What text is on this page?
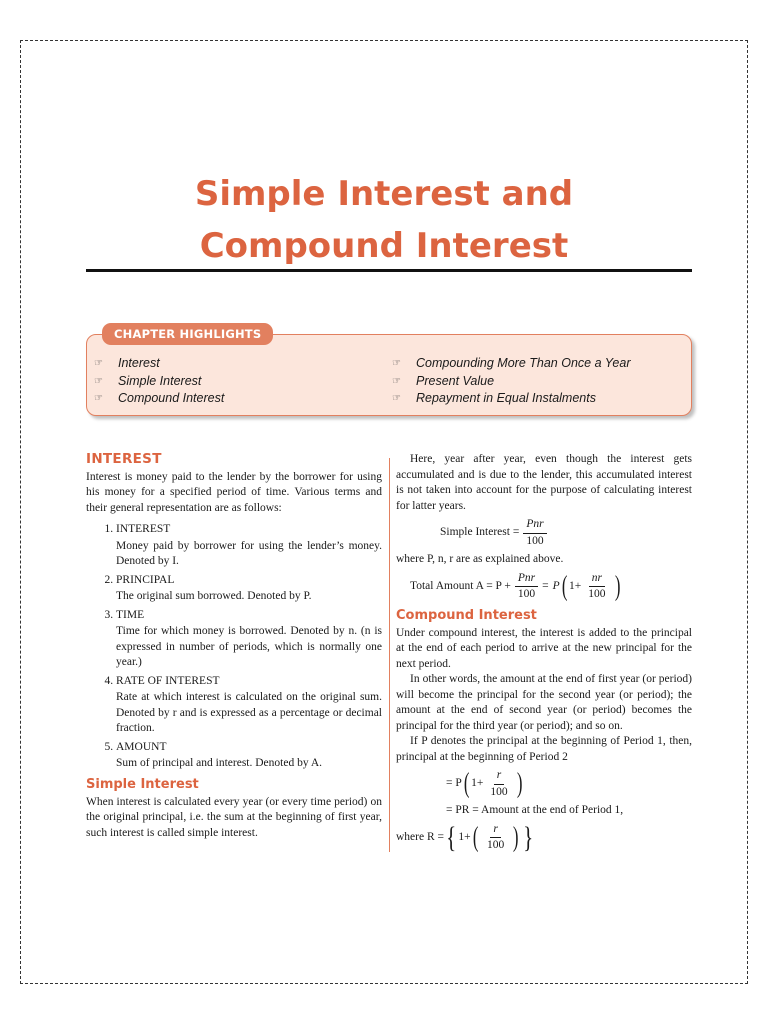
Simple Interest and
Compound Interest
CHAPTER HIGHLIGHTS
☞	Interest
☞	Simple Interest
☞	Compound Interest
☞	Compounding More Than Once a Year
☞	Present Value
☞	Repayment in Equal Instalments
INTEREST

Interest is money paid to the lender by the borrower for using his money for a specified period of time. Various terms and their general representation are as follows:

1. INTEREST
Money paid by borrower for using the lender’s money. Denoted by I.
2. PRINCIPAL
The original sum borrowed. Denoted by P.
3. TIME
Time for which money is borrowed. Denoted by n. (n is expressed in number of periods, which is normally one year.)
4. RATE OF INTEREST
Rate at which interest is calculated on the original sum. Denoted by r and is expressed as a percentage or decimal fraction.
5. AMOUNT
Sum of principal and interest. Denoted by A.
Simple Interest

When interest is calculated every year (or every time period) on the original principal, i.e. the sum at the beginning of first year, such interest is called simple interest.

Here, year after year, even though the interest gets accumulated and is due to the lender, this accumulated interest is not taken into account for the purpose of calculating interest for latter years.

Simple Interest = $\frac{\text{Pnr}}{100}$

where P, n, r are as explained above.

Total Amount $A = P + \frac{\text{Pnr}}{100} = P$ ( $1+ \frac{nr}{100}$ )
Compound Interest

Under compound interest, the interest is added to the principal at the end of each period to arrive at the new principal for the next period.

In other words, the amount at the end of first year (or period) will become the principal for the second year (or period); the amount at the end of second year (or period) becomes the principal for the third year (or period); and so on.

If P denotes the principal at the beginning of Period 1, then, principal at the beginning of Period 2

= P ( $1+ \frac{r}{100}$ )

= PR = Amount at the end of Period 1,

where R = { 1+ ( $\frac{r}{100}$ ) }
